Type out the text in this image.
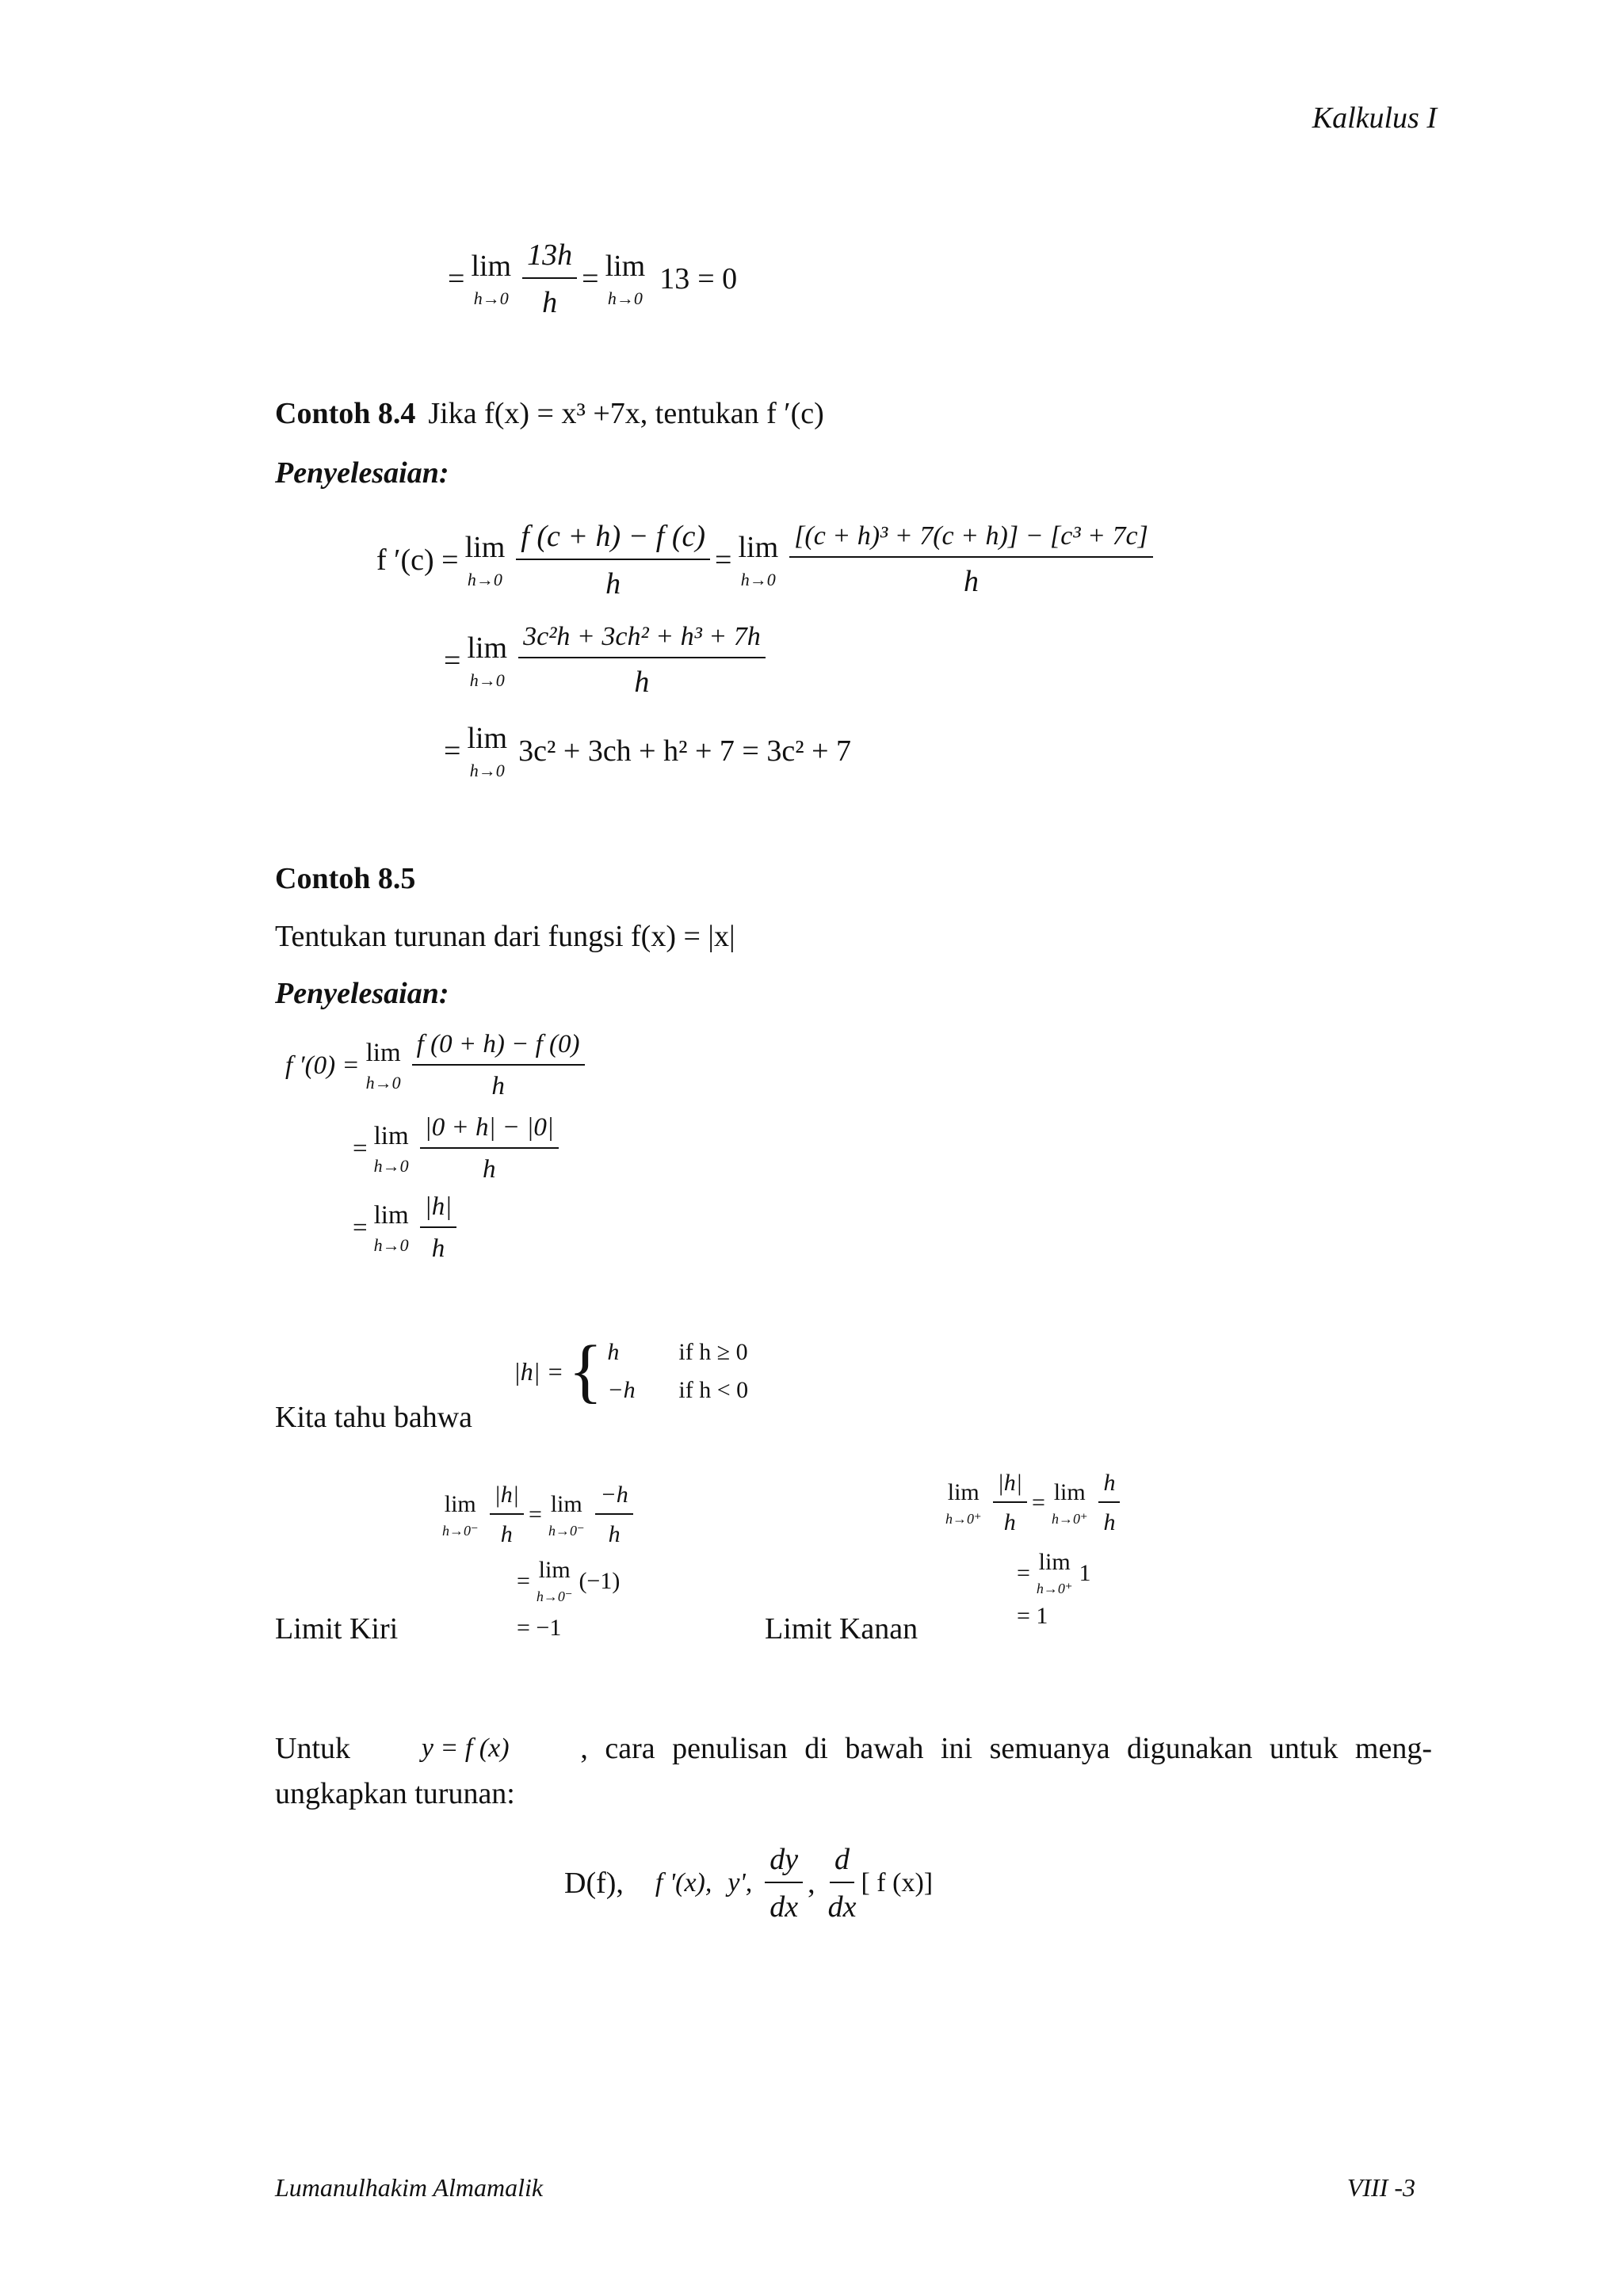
Kalkulus I
= lim
$h\to 0 \frac{13h}{h} = \lim$
h→0
13 = 0
Contoh 8.4 Jika f(x) = x³ +7x, tentukan f ′(c)
Penyelesaian:
f ′(c) = lim
$h\to 0 \frac{f (c + h) - f (c)}{h} = \lim$
$h\to 0 \frac{\text{[(c + h)³ + 7(c + h)] − [c³ + 7c]}}{h}$
= lim
$h\to 0 \frac{\text{3c²h + 3ch² + h³ + 7h}}{h}$
= lim
h→0
3c² + 3ch + h² + 7 = 3c² + 7
Contoh 8.5
Tentukan turunan dari fungsi f(x) = |x|
Penyelesaian:
f ′(0) = lim
$h\to 0 \frac{f (0 + h) - f (0)}{h}$
= lim
$h\to 0 \frac{|0 + h| - |0|}{h}$
= lim
$h\to 0 \frac{|h|}{h}$
|h| = { h	if h ≥ 0
−h	if h < 0
Kita tahu bahwa
lim
$h\to 0^- \frac{|h|}{h} = \lim$
$h\to 0^- \frac{-h}{h}$
= lim
h→0⁻
(−1)
Limit Kiri	= −1
lim
$h\to 0^+ \frac{|h|}{h} = \lim$
$h\to 0^+ \frac{h}{h}$
= lim
h→0⁺
1
Limit Kanan	= 1
Untuk	y = f (x) , cara penulisan di bawah ini semuanya digunakan untuk meng-
ungkapkan turunan:
D(f), f '(x), y', $\frac{dy}{dx}$ , $\frac{d}{dx}$ [ f (x)]
Lumanulhakim Almamalik	VIII -3
